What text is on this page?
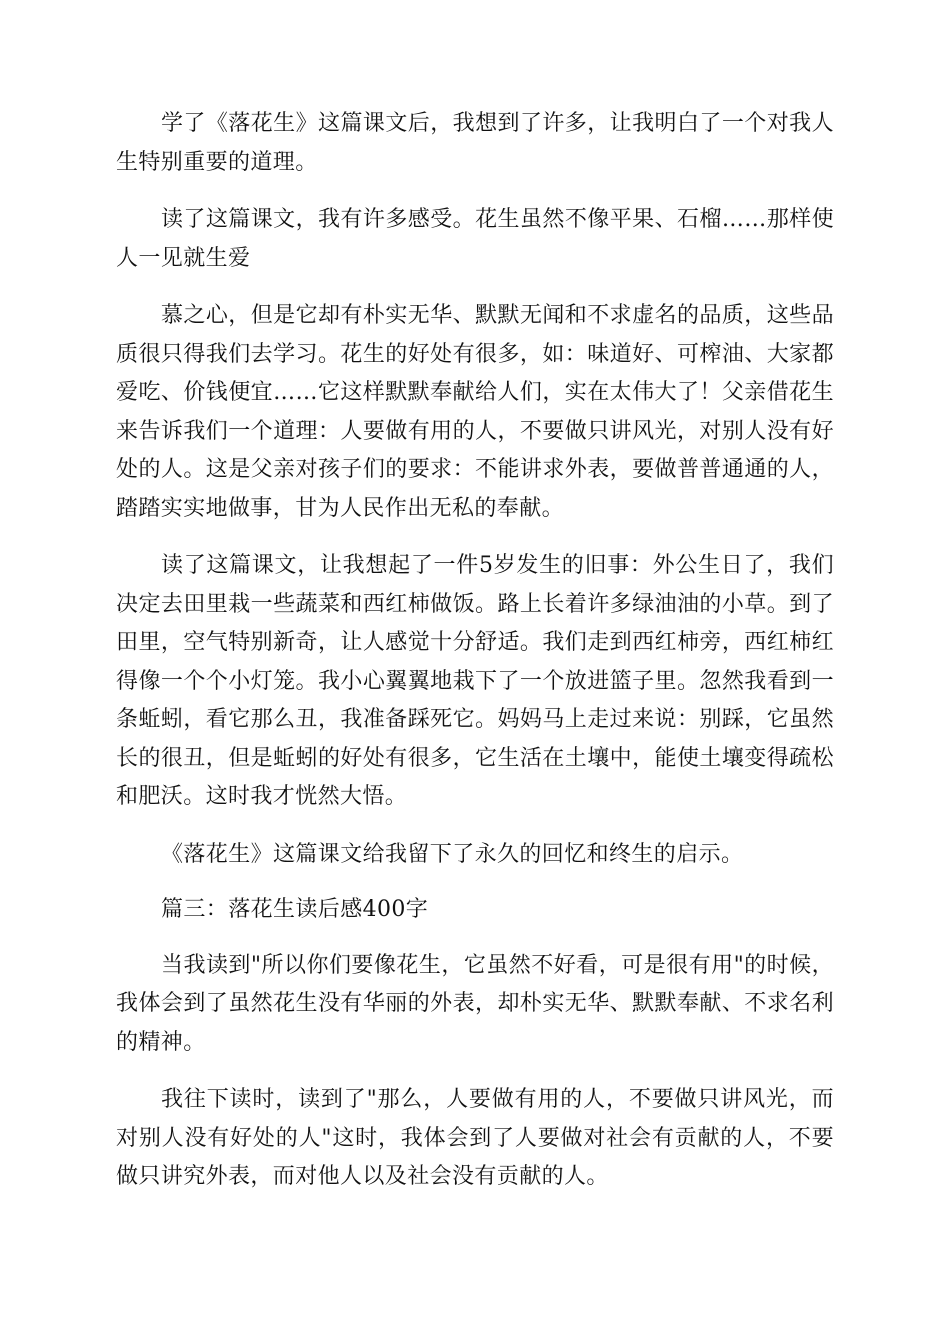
学了《落花生》这篇课文后，我想到了许多，让我明白了一个对我人生特别重要的道理。

读了这篇课文，我有许多感受。花生虽然不像平果、石榴……那样使人一见就生爱

慕之心，但是它却有朴实无华、默默无闻和不求虚名的品质，这些品质很只得我们去学习。花生的好处有很多，如：味道好、可榨油、大家都爱吃、价钱便宜……它这样默默奉献给人们，实在太伟大了！父亲借花生来告诉我们一个道理：人要做有用的人，不要做只讲风光，对别人没有好处的人。这是父亲对孩子们的要求：不能讲求外表，要做普普通通的人，踏踏实实地做事，甘为人民作出无私的奉献。

读了这篇课文，让我想起了一件5岁发生的旧事：外公生日了，我们决定去田里栽一些蔬菜和西红柿做饭。路上长着许多绿油油的小草。到了田里，空气特别新奇，让人感觉十分舒适。我们走到西红柿旁，西红柿红得像一个个小灯笼。我小心翼翼地栽下了一个放进篮子里。忽然我看到一条蚯蚓，看它那么丑，我准备踩死它。妈妈马上走过来说：别踩，它虽然长的很丑，但是蚯蚓的好处有很多，它生活在土壤中，能使土壤变得疏松和肥沃。这时我才恍然大悟。

《落花生》这篇课文给我留下了永久的回忆和终生的启示。

篇三：落花生读后感400字

当我读到"所以你们要像花生，它虽然不好看，可是很有用"的时候，我体会到了虽然花生没有华丽的外表，却朴实无华、默默奉献、不求名利的精神。

我往下读时，读到了"那么，人要做有用的人，不要做只讲风光，而对别人没有好处的人"这时，我体会到了人要做对社会有贡献的人，不要做只讲究外表，而对他人以及社会没有贡献的人。
